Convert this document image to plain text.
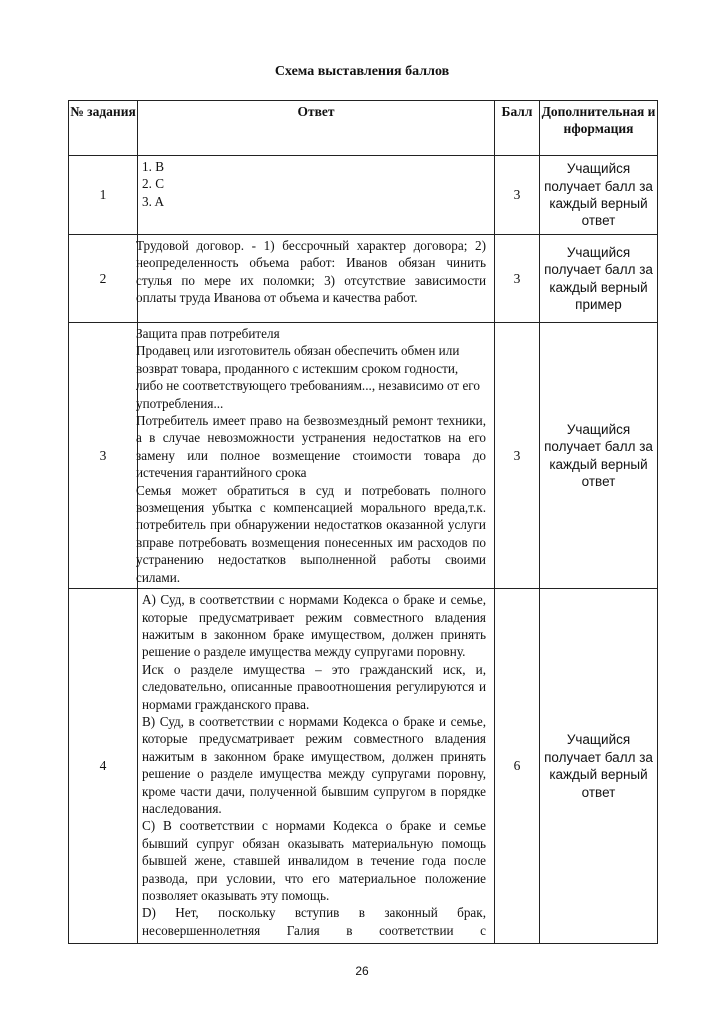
Схема выставления баллов
№ задания	Ответ	Балл	Дополнительная информация
1	1. B

2. C

3. A	3	Учащийся получает балл за каждый верный ответ
2	Трудовой договор. - 1) бессрочный характер договора; 2) неопределенность объема работ: Иванов обязан чинить стулья по мере их поломки; 3) отсутствие зависимости оплаты труда Иванова от объема и качества работ.	3	Учащийся получает балл за каждый верный пример
3	Защита прав потребителя

Продавец или изготовитель обязан обеспечить обмен или возврат товара, проданного с истекшим сроком годности, либо не соответствующего требованиям..., независимо от его употребления...

Потребитель имеет право на безвозмездный ремонт техники, а в случае невозможности устранения недостатков на его замену или полное возмещение стоимости товара до истечения гарантийного срока

Семья может обратиться в суд и потребовать полного возмещения убытка с компенсацией морального вреда,т.к. потребитель при обнаружении недостатков оказанной услуги вправе потребовать возмещения понесенных им расходов по устранению недостатков выполненной работы своими силами.	3	Учащийся получает балл за каждый верный ответ
4	A) Суд, в соответствии с нормами Кодекса о браке и семье, которые предусматривает режим совместного владения нажитым в законном браке имуществом, должен принять решение о разделе имущества между супругами поровну.

Иск о разделе имущества – это гражданский иск, и, следовательно, описанные правоотношения регулируются и нормами гражданского права.

B) Суд, в соответствии с нормами Кодекса о браке и семье, которые предусматривает режим совместного владения нажитым в законном браке имуществом, должен принять решение о разделе имущества между супругами поровну, кроме части дачи, полученной бывшим супругом в порядке наследования.

C) В соответствии с нормами Кодекса о браке и семье бывший супруг обязан оказывать материальную помощь бывшей жене, ставшей инвалидом в течение года после развода, при условии, что его материальное положение позволяет оказывать эту помощь.

D) Нет, поскольку вступив в законный брак, несовершеннолетняя Галия в соответствии с	6	Учащийся получает балл за каждый верный ответ
26
